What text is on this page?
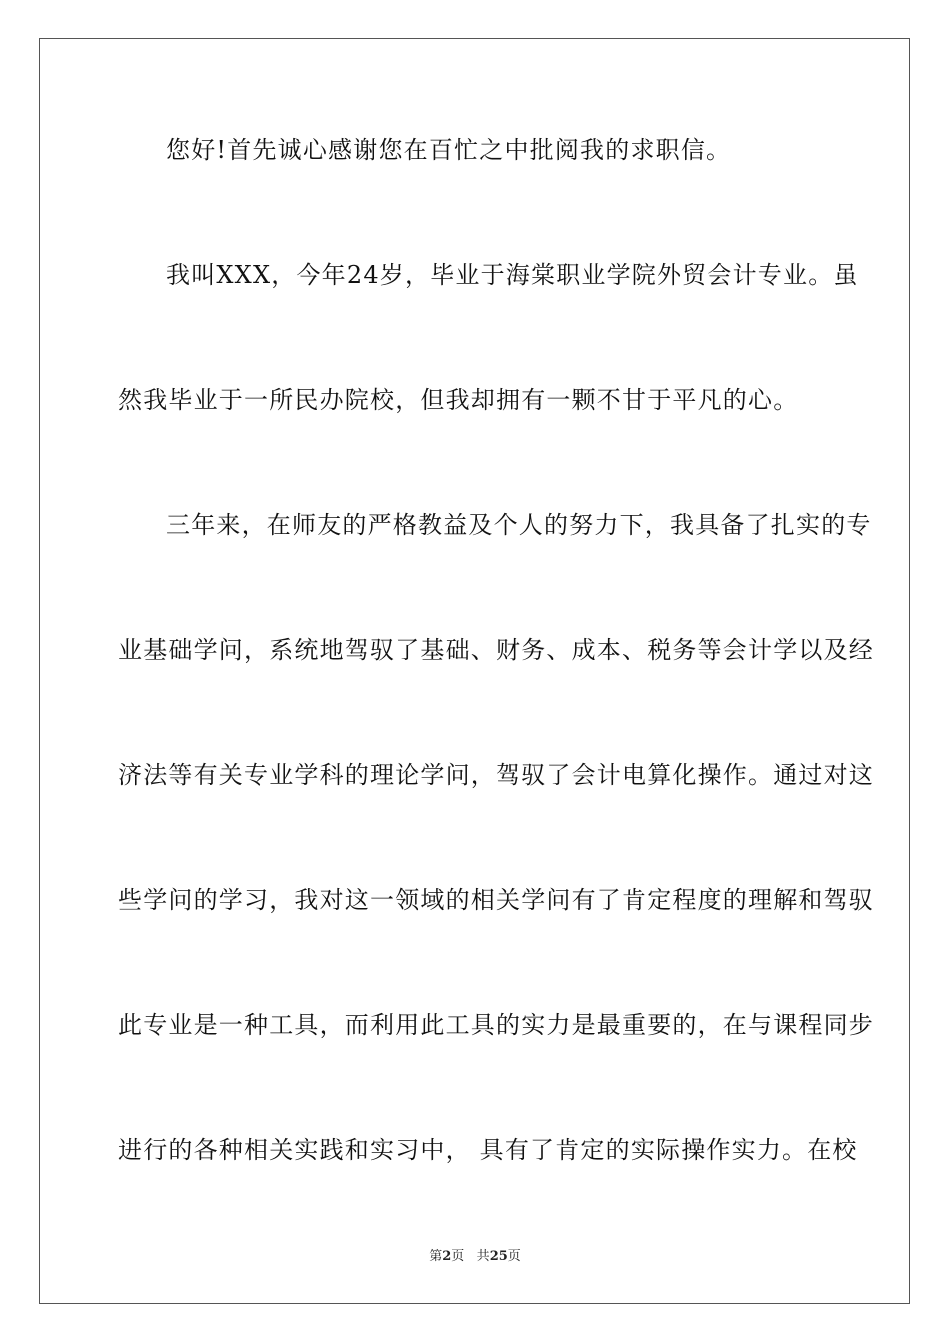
您好!首先诚心感谢您在百忙之中批阅我的求职信。
我叫XXX，今年24岁，毕业于海棠职业学院外贸会计专业。虽
然我毕业于一所民办院校，但我却拥有一颗不甘于平凡的心。
三年来，在师友的严格教益及个人的努力下，我具备了扎实的专
业基础学问，系统地驾驭了基础、财务、成本、税务等会计学以及经
济法等有关专业学科的理论学问，驾驭了会计电算化操作。通过对这
些学问的学习，我对这一领域的相关学问有了肯定程度的理解和驾驭
此专业是一种工具，而利用此工具的实力是最重要的，在与课程同步
进行的各种相关实践和实习中， 具有了肯定的实际操作实力。在校
第2页 共25页
